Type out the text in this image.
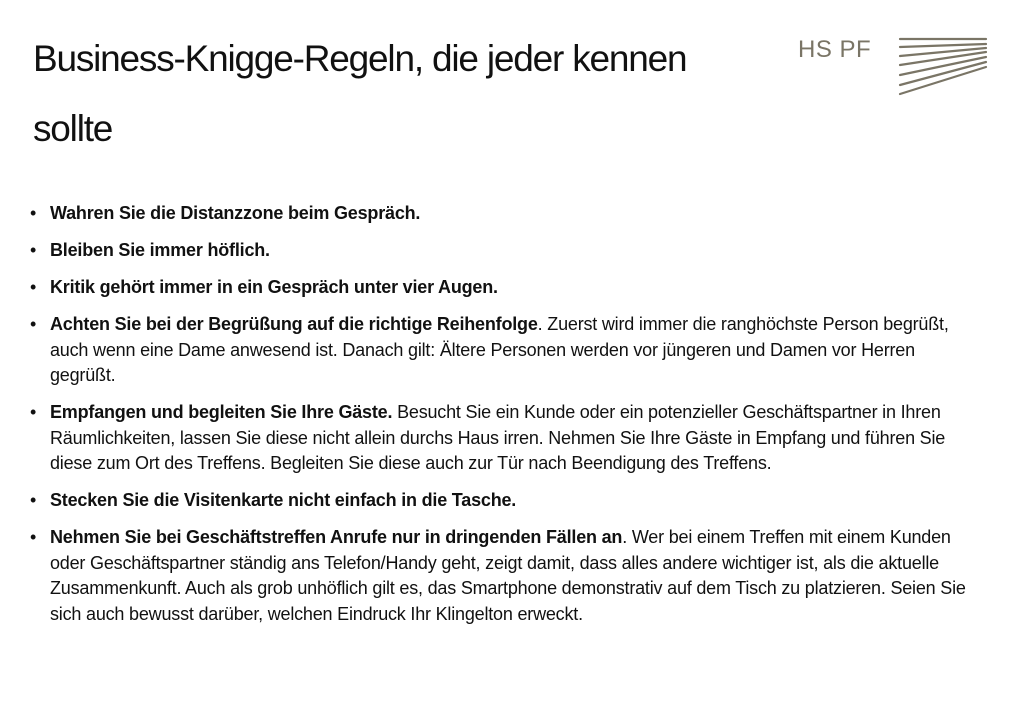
Business-Knigge-Regeln, die jeder kennen sollte
HS PF
• Wahren Sie die Distanzzone beim Gespräch.
• Bleiben Sie immer höflich.
• Kritik gehört immer in ein Gespräch unter vier Augen.
• Achten Sie bei der Begrüßung auf die richtige Reihenfolge. Zuerst wird immer die ranghöchste Person begrüßt, auch wenn eine Dame anwesend ist. Danach gilt: Ältere Personen werden vor jüngeren und Damen vor Herren gegrüßt.
• Empfangen und begleiten Sie Ihre Gäste. Besucht Sie ein Kunde oder ein potenzieller Geschäftspartner in Ihren Räumlichkeiten, lassen Sie diese nicht allein durchs Haus irren. Nehmen Sie Ihre Gäste in Empfang und führen Sie diese zum Ort des Treffens. Begleiten Sie diese auch zur Tür nach Beendigung des Treffens.
• Stecken Sie die Visitenkarte nicht einfach in die Tasche.
• Nehmen Sie bei Geschäftstreffen Anrufe nur in dringenden Fällen an. Wer bei einem Treffen mit einem Kunden oder Geschäftspartner ständig ans Telefon/Handy geht, zeigt damit, dass alles andere wichtiger ist, als die aktuelle Zusammenkunft. Auch als grob unhöflich gilt es, das Smartphone demonstrativ auf dem Tisch zu platzieren. Seien Sie sich auch bewusst darüber, welchen Eindruck Ihr Klingelton erweckt.
